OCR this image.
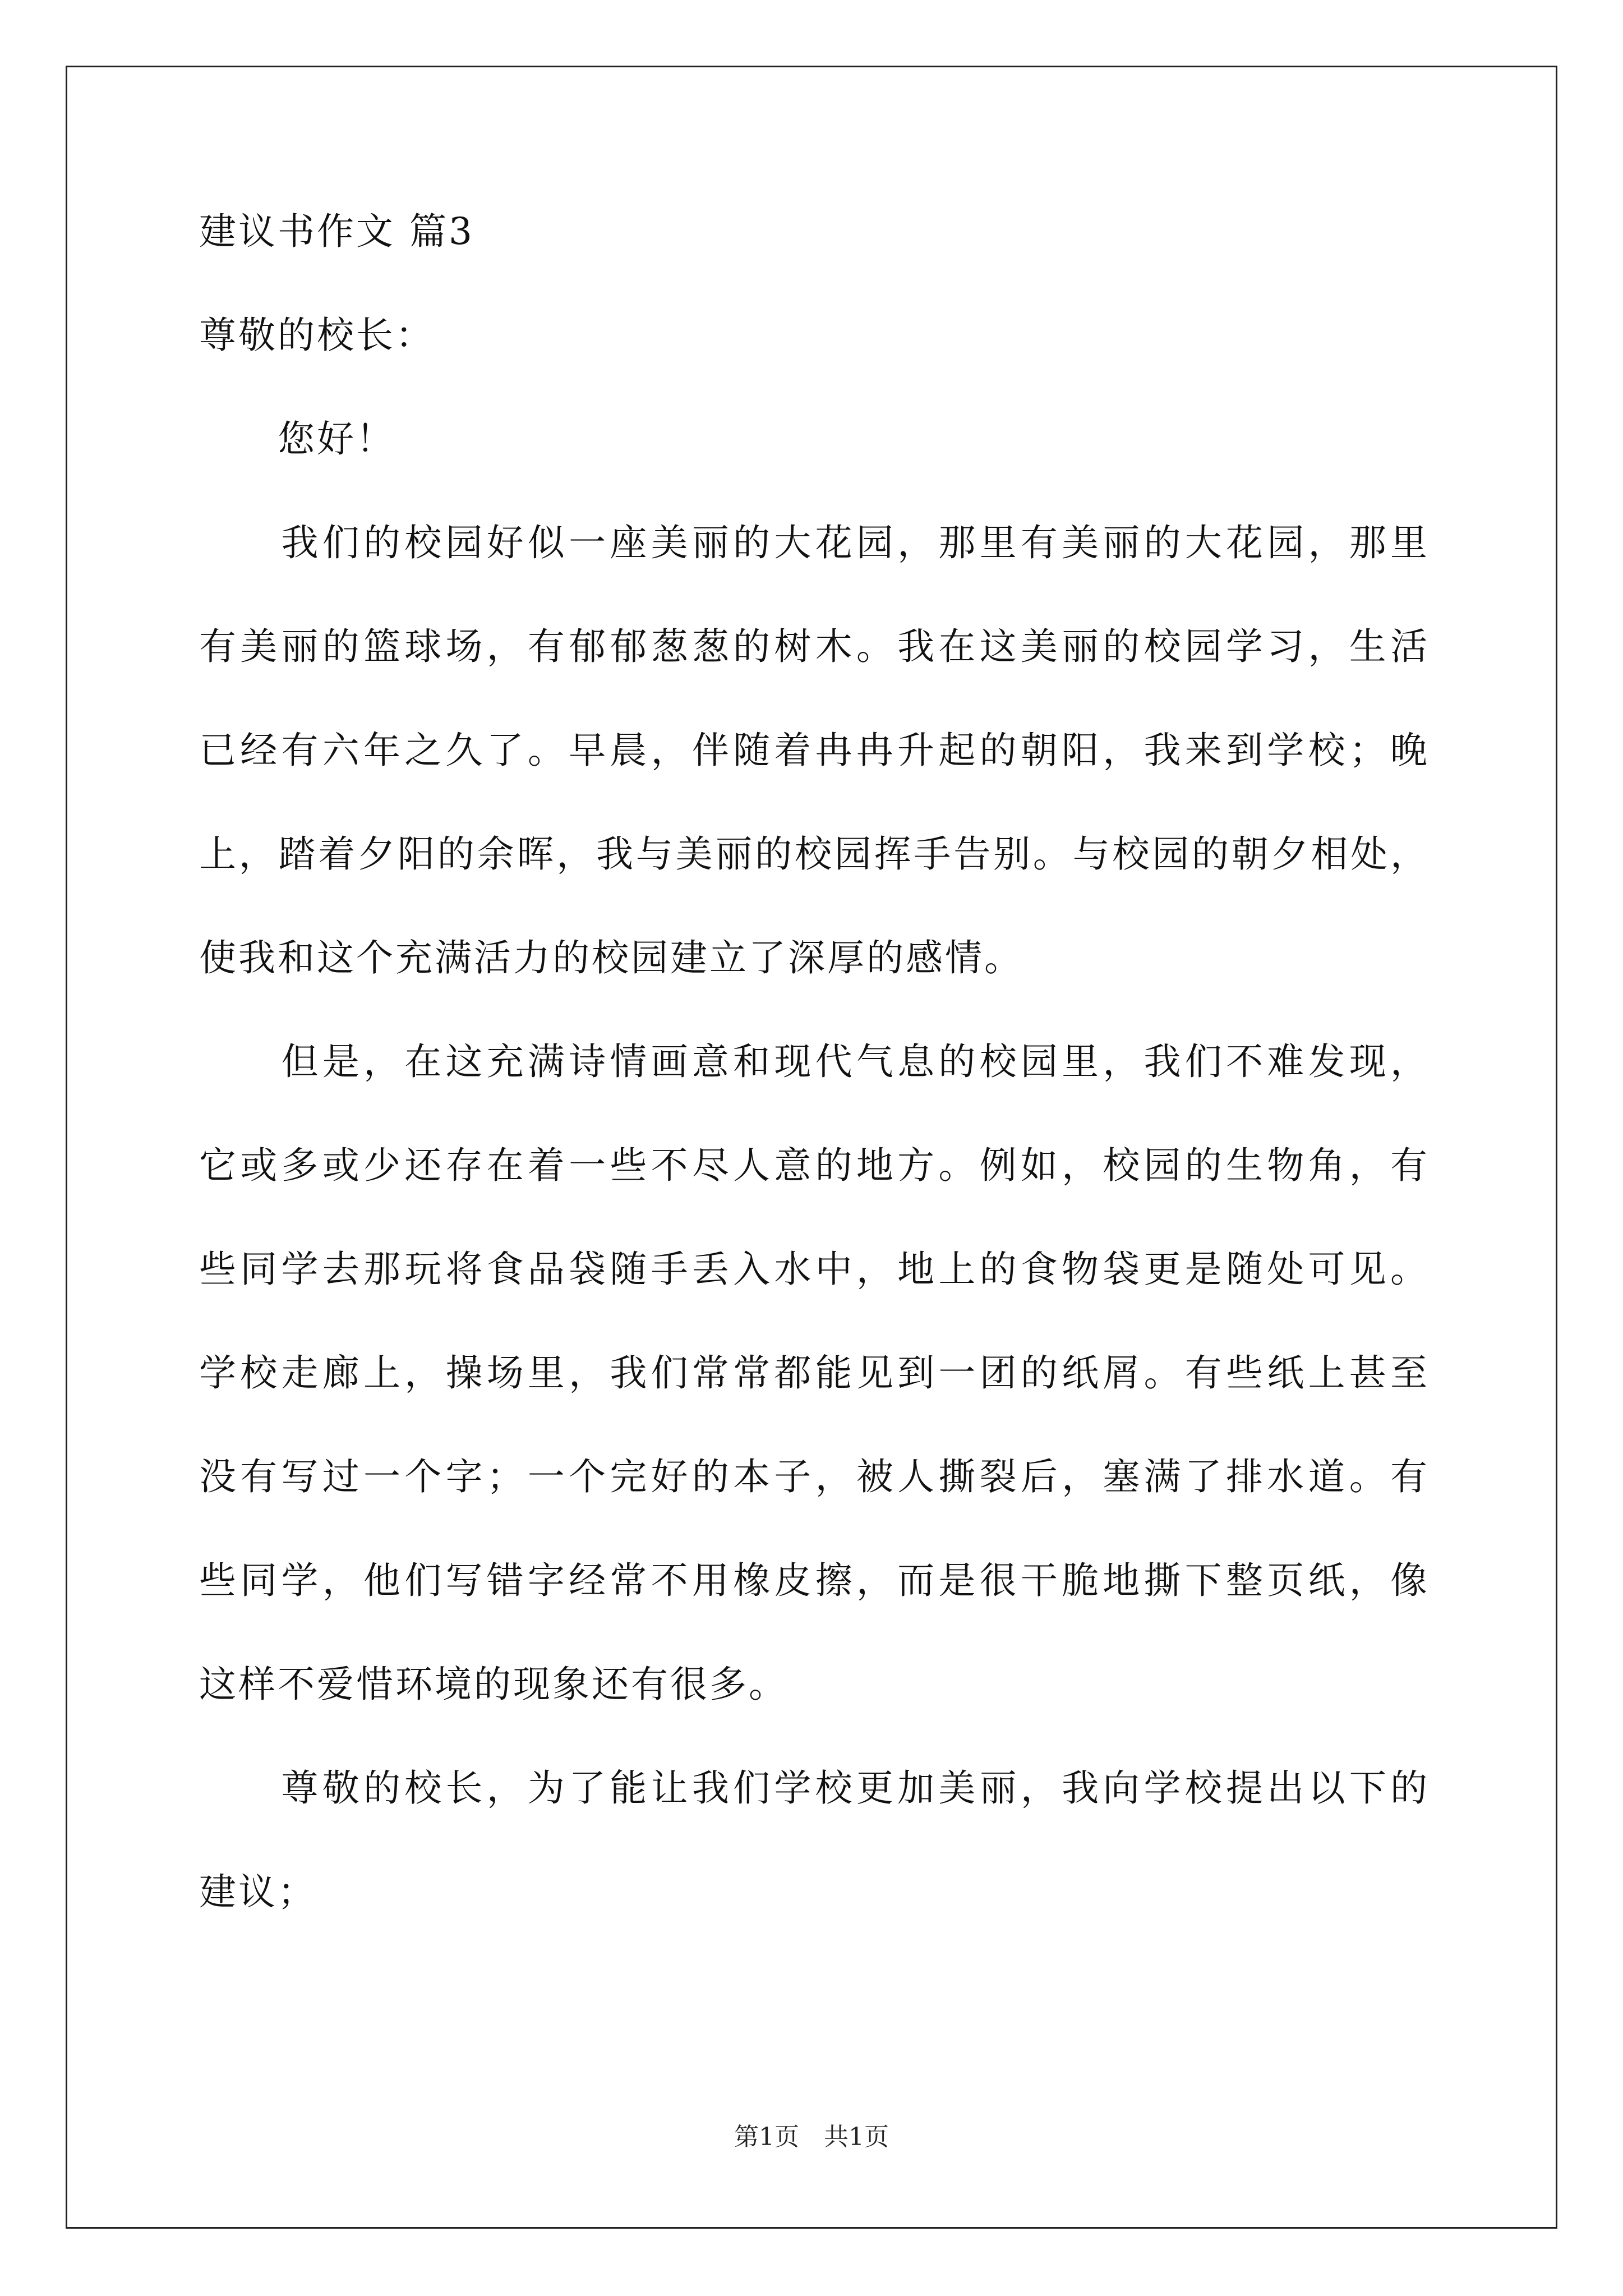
建议书作文 篇3
尊敬的校长：
　　您好！
　　我们的校园好似一座美丽的大花园，那里有美丽的大花园，那里
有美丽的篮球场，有郁郁葱葱的树木。我在这美丽的校园学习，生活
已经有六年之久了。早晨，伴随着冉冉升起的朝阳，我来到学校；晚
上，踏着夕阳的余晖，我与美丽的校园挥手告别。与校园的朝夕相处，
使我和这个充满活力的校园建立了深厚的感情。
　　但是，在这充满诗情画意和现代气息的校园里，我们不难发现，
它或多或少还存在着一些不尽人意的地方。例如，校园的生物角，有
些同学去那玩将食品袋随手丢入水中，地上的食物袋更是随处可见。
学校走廊上，操场里，我们常常都能见到一团的纸屑。有些纸上甚至
没有写过一个字；一个完好的本子，被人撕裂后，塞满了排水道。有
些同学，他们写错字经常不用橡皮擦，而是很干脆地撕下整页纸，像
这样不爱惜环境的现象还有很多。
　　尊敬的校长，为了能让我们学校更加美丽，我向学校提出以下的
建议；
第1页　共1页
